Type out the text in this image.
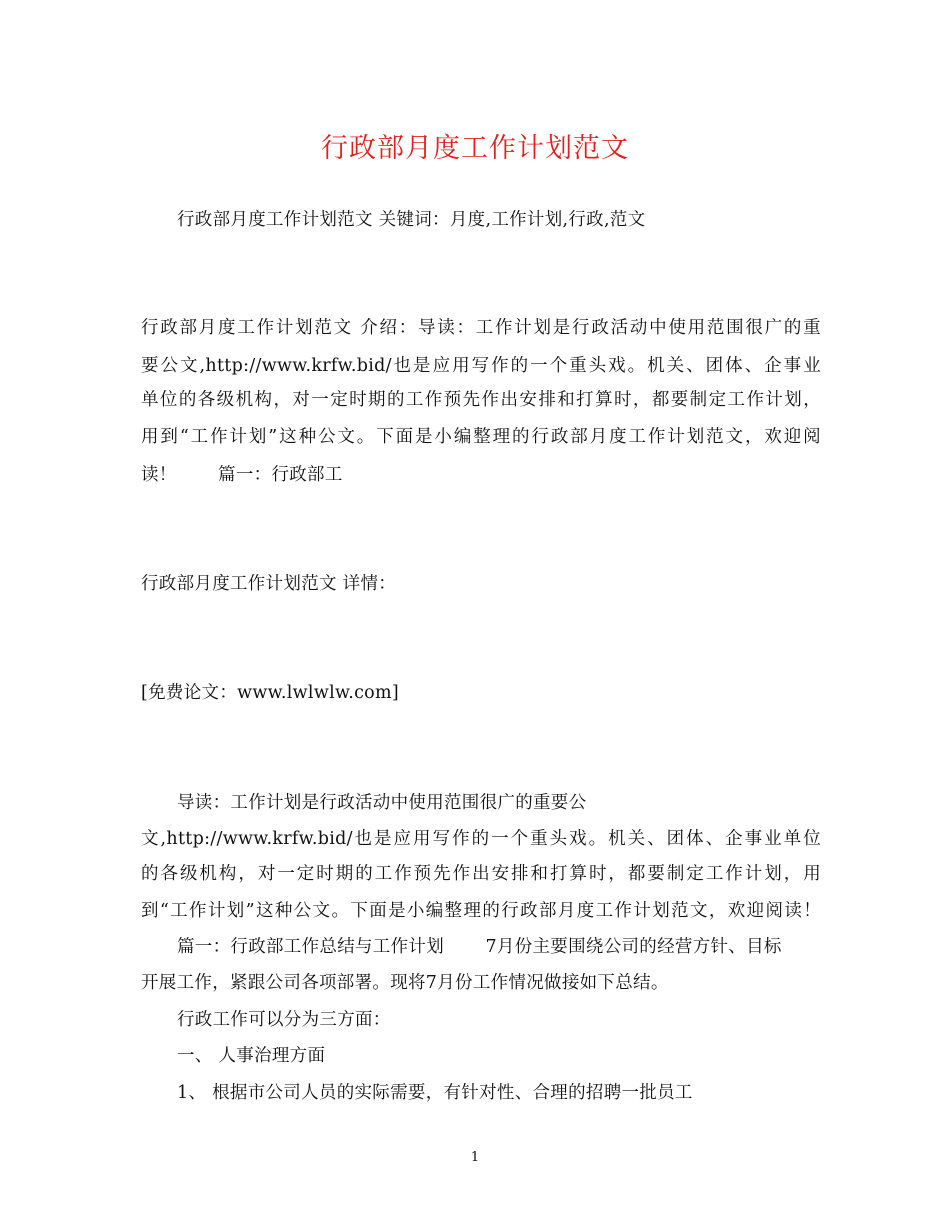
行政部月度工作计划范文
行政部月度工作计划范文 关键词：月度,工作计划,行政,范文
行政部月度工作计划范文 介绍：导读：工作计划是行政活动中使用范围很广的重
要公文,http://www.krfw.bid/也是应用写作的一个重头戏。机关、团体、企事业
单位的各级机构，对一定时期的工作预先作出安排和打算时，都要制定工作计划，
用到“工作计划”这种公文。下面是小编整理的行政部月度工作计划范文，欢迎阅
读！　　 篇一：行政部工
行政部月度工作计划范文 详情：
[免费论文：www.lwlwlw.com]
导读：工作计划是行政活动中使用范围很广的重要公
文,http://www.krfw.bid/也是应用写作的一个重头戏。机关、团体、企事业单位
的各级机构，对一定时期的工作预先作出安排和打算时，都要制定工作计划，用
到“工作计划”这种公文。下面是小编整理的行政部月度工作计划范文，欢迎阅读！
篇一：行政部工作总结与工作计划　　 7月份主要围绕公司的经营方针、目标
开展工作，紧跟公司各项部署。现将7月份工作情况做接如下总结。
行政工作可以分为三方面：
一、 人事治理方面
1、 根据市公司人员的实际需要，有针对性、合理的招聘一批员工
1
